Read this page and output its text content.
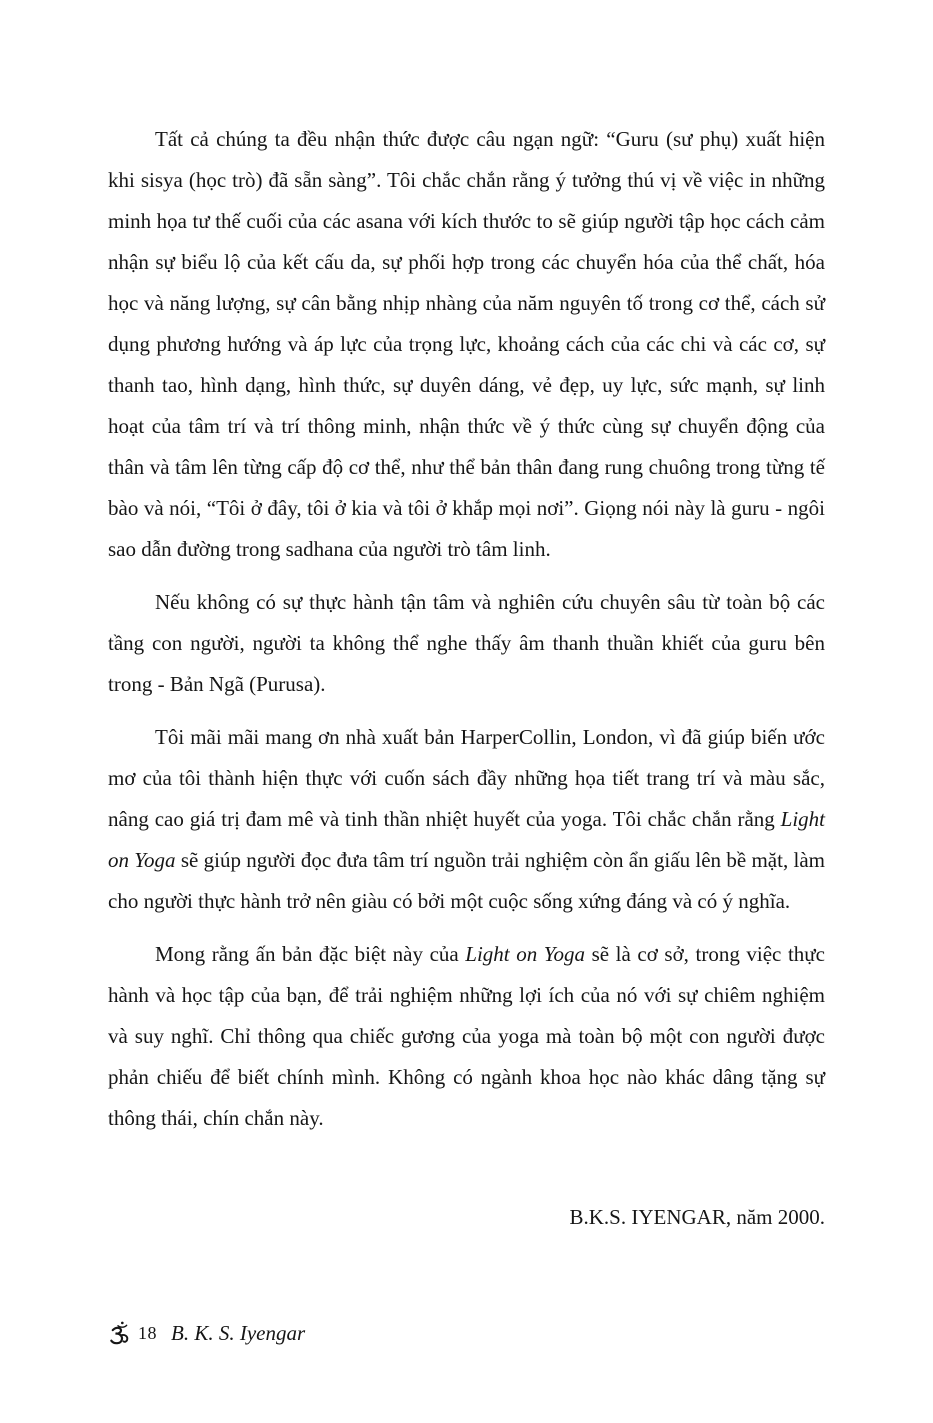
Tất cả chúng ta đều nhận thức được câu ngạn ngữ: “Guru (sư phụ) xuất hiện khi sisya (học trò) đã sẵn sàng”. Tôi chắc chắn rằng ý tưởng thú vị về việc in những minh họa tư thế cuối của các asana với kích thước to sẽ giúp người tập học cách cảm nhận sự biểu lộ của kết cấu da, sự phối hợp trong các chuyển hóa của thể chất, hóa học và năng lượng, sự cân bằng nhịp nhàng của năm nguyên tố trong cơ thể, cách sử dụng phương hướng và áp lực của trọng lực, khoảng cách của các chi và các cơ, sự thanh tao, hình dạng, hình thức, sự duyên dáng, vẻ đẹp, uy lực, sức mạnh, sự linh hoạt của tâm trí và trí thông minh, nhận thức về ý thức cùng sự chuyển động của thân và tâm lên từng cấp độ cơ thể, như thể bản thân đang rung chuông trong từng tế bào và nói, “Tôi ở đây, tôi ở kia và tôi ở khắp mọi nơi”. Giọng nói này là guru - ngôi sao dẫn đường trong sadhana của người trò tâm linh.

Nếu không có sự thực hành tận tâm và nghiên cứu chuyên sâu từ toàn bộ các tầng con người, người ta không thể nghe thấy âm thanh thuần khiết của guru bên trong - Bản Ngã (Purusa).

Tôi mãi mãi mang ơn nhà xuất bản HarperCollin, London, vì đã giúp biến ước mơ của tôi thành hiện thực với cuốn sách đầy những họa tiết trang trí và màu sắc, nâng cao giá trị đam mê và tinh thần nhiệt huyết của yoga. Tôi chắc chắn rằng Light on Yoga sẽ giúp người đọc đưa tâm trí nguồn trải nghiệm còn ẩn giấu lên bề mặt, làm cho người thực hành trở nên giàu có bởi một cuộc sống xứng đáng và có ý nghĩa.

Mong rằng ấn bản đặc biệt này của Light on Yoga sẽ là cơ sở, trong việc thực hành và học tập của bạn, để trải nghiệm những lợi ích của nó với sự chiêm nghiệm và suy nghĩ. Chỉ thông qua chiếc gương của yoga mà toàn bộ một con người được phản chiếu để biết chính mình. Không có ngành khoa học nào khác dâng tặng sự thông thái, chín chắn này.

B.K.S. IYENGAR, năm 2000.

18 B. K. S. Iyengar
